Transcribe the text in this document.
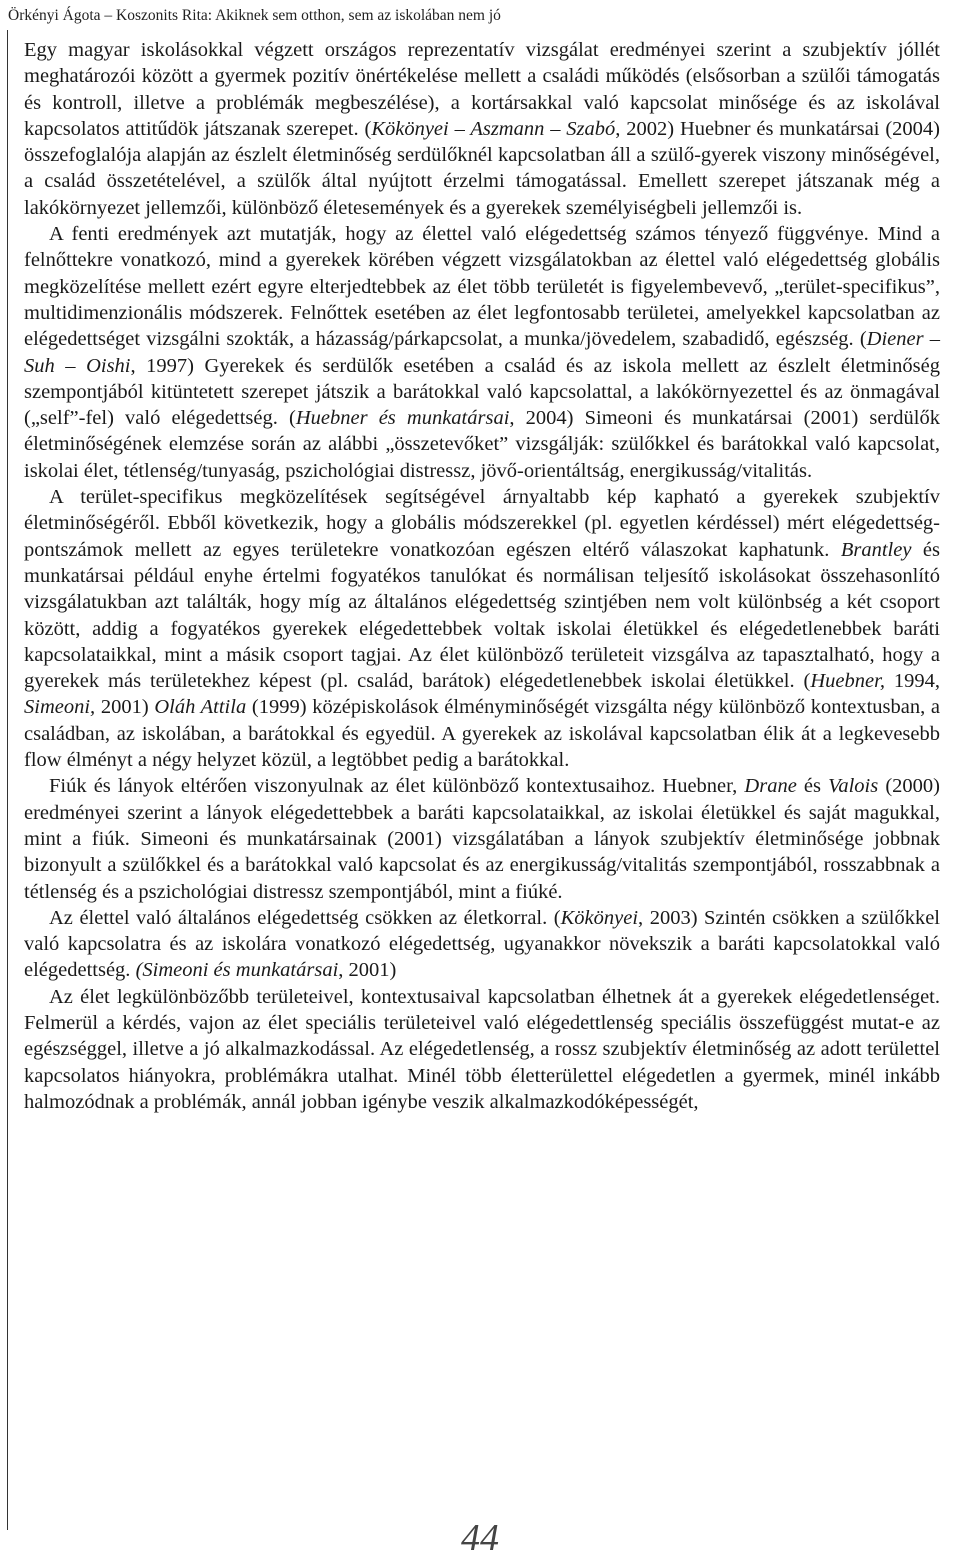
Örkényi Ágota – Koszonits Rita: Akiknek sem otthon, sem az iskolában nem jó

Egy magyar iskolásokkal végzett országos reprezentatív vizsgálat eredményei szerint a szubjektív jóllét meghatározói között a gyermek pozitív önértékelése mellett a családi működés (elsősorban a szülői támogatás és kontroll, illetve a problémák megbeszélése), a kortársakkal való kapcsolat minősége és az iskolával kapcsolatos attitűdök játszanak szerepet. (Kökönyei – Aszmann – Szabó, 2002) Huebner és munkatársai (2004) összefoglalója alapján az észlelt életminőség serdülőknél kapcsolatban áll a szülő-gyerek viszony minőségével, a család összetételével, a szülők által nyújtott érzelmi támogatással. Emellett szerepet játszanak még a lakókörnyezet jellemzői, különböző életesemények és a gyerekek személyiségbeli jellemzői is.

A fenti eredmények azt mutatják, hogy az élettel való elégedettség számos tényező függvénye. Mind a felnőttekre vonatkozó, mind a gyerekek körében végzett vizsgálatokban az élettel való elégedettség globális megközelítése mellett ezért egyre elterjedtebbek az élet több területét is figyelembevevő, „terület-specifikus”, multidimenzionális módszerek. Felnőttek esetében az élet legfontosabb területei, amelyekkel kapcsolatban az elégedettséget vizsgálni szokták, a házasság/párkapcsolat, a munka/jövedelem, szabadidő, egészség. (Diener – Suh – Oishi, 1997) Gyerekek és serdülők esetében a család és az iskola mellett az észlelt életminőség szempontjából kitüntetett szerepet játszik a barátokkal való kapcsolattal, a lakókörnyezettel és az önmagával („self”-fel) való elégedettség. (Huebner és munkatársai, 2004) Simeoni és munkatársai (2001) serdülők életminőségének elemzése során az alábbi „összetevőket” vizsgálják: szülőkkel és barátokkal való kapcsolat, iskolai élet, tétlenség/tunyaság, pszichológiai distressz, jövő-orientáltság, energikusság/vitalitás.

A terület-specifikus megközelítések segítségével árnyaltabb kép kapható a gyerekek szubjektív életminőségéről. Ebből következik, hogy a globális módszerekkel (pl. egyetlen kérdéssel) mért elégedettség-pontszámok mellett az egyes területekre vonatkozóan egészen eltérő válaszokat kaphatunk. Brantley és munkatársai például enyhe értelmi fogyatékos tanulókat és normálisan teljesítő iskolásokat összehasonlító vizsgálatukban azt találták, hogy míg az általános elégedettség szintjében nem volt különbség a két csoport között, addig a fogyatékos gyerekek elégedettebbek voltak iskolai életükkel és elégedetlenebbek baráti kapcsolataikkal, mint a másik csoport tagjai. Az élet különböző területeit vizsgálva az tapasztalható, hogy a gyerekek más területekhez képest (pl. család, barátok) elégedetlenebbek iskolai életükkel. (Huebner, 1994, Simeoni, 2001) Oláh Attila (1999) középiskolások élményminőségét vizsgálta négy különböző kontextusban, a családban, az iskolában, a barátokkal és egyedül. A gyerekek az iskolával kapcsolatban élik át a legkevesebb flow élményt a négy helyzet közül, a legtöbbet pedig a barátokkal.

Fiúk és lányok eltérően viszonyulnak az élet különböző kontextusaihoz. Huebner, Drane és Valois (2000) eredményei szerint a lányok elégedettebbek a baráti kapcsolataikkal, az iskolai életükkel és saját magukkal, mint a fiúk. Simeoni és munkatársainak (2001) vizsgálatában a lányok szubjektív életminősége jobbnak bizonyult a szülőkkel és a barátokkal való kapcsolat és az energikusság/vitalitás szempontjából, rosszabbnak a tétlenség és a pszichológiai distressz szempontjából, mint a fiúké.

Az élettel való általános elégedettség csökken az életkorral. (Kökönyei, 2003) Szintén csökken a szülőkkel való kapcsolatra és az iskolára vonatkozó elégedettség, ugyanakkor növekszik a baráti kapcsolatokkal való elégedettség. (Simeoni és munkatársai, 2001)

Az élet legkülönbözőbb területeivel, kontextusaival kapcsolatban élhetnek át a gyerekek elégedetlenséget. Felmerül a kérdés, vajon az élet speciális területeivel való elégedettlenség speciális összefüggést mutat-e az egészséggel, illetve a jó alkalmazkodással. Az elégedetlenség, a rossz szubjektív életminőség az adott területtel kapcsolatos hiányokra, problémákra utalhat. Minél több életterülettel elégedetlen a gyermek, minél inkább halmozódnak a problémák, annál jobban igénybe veszik alkalmazkodóképességét,

44
